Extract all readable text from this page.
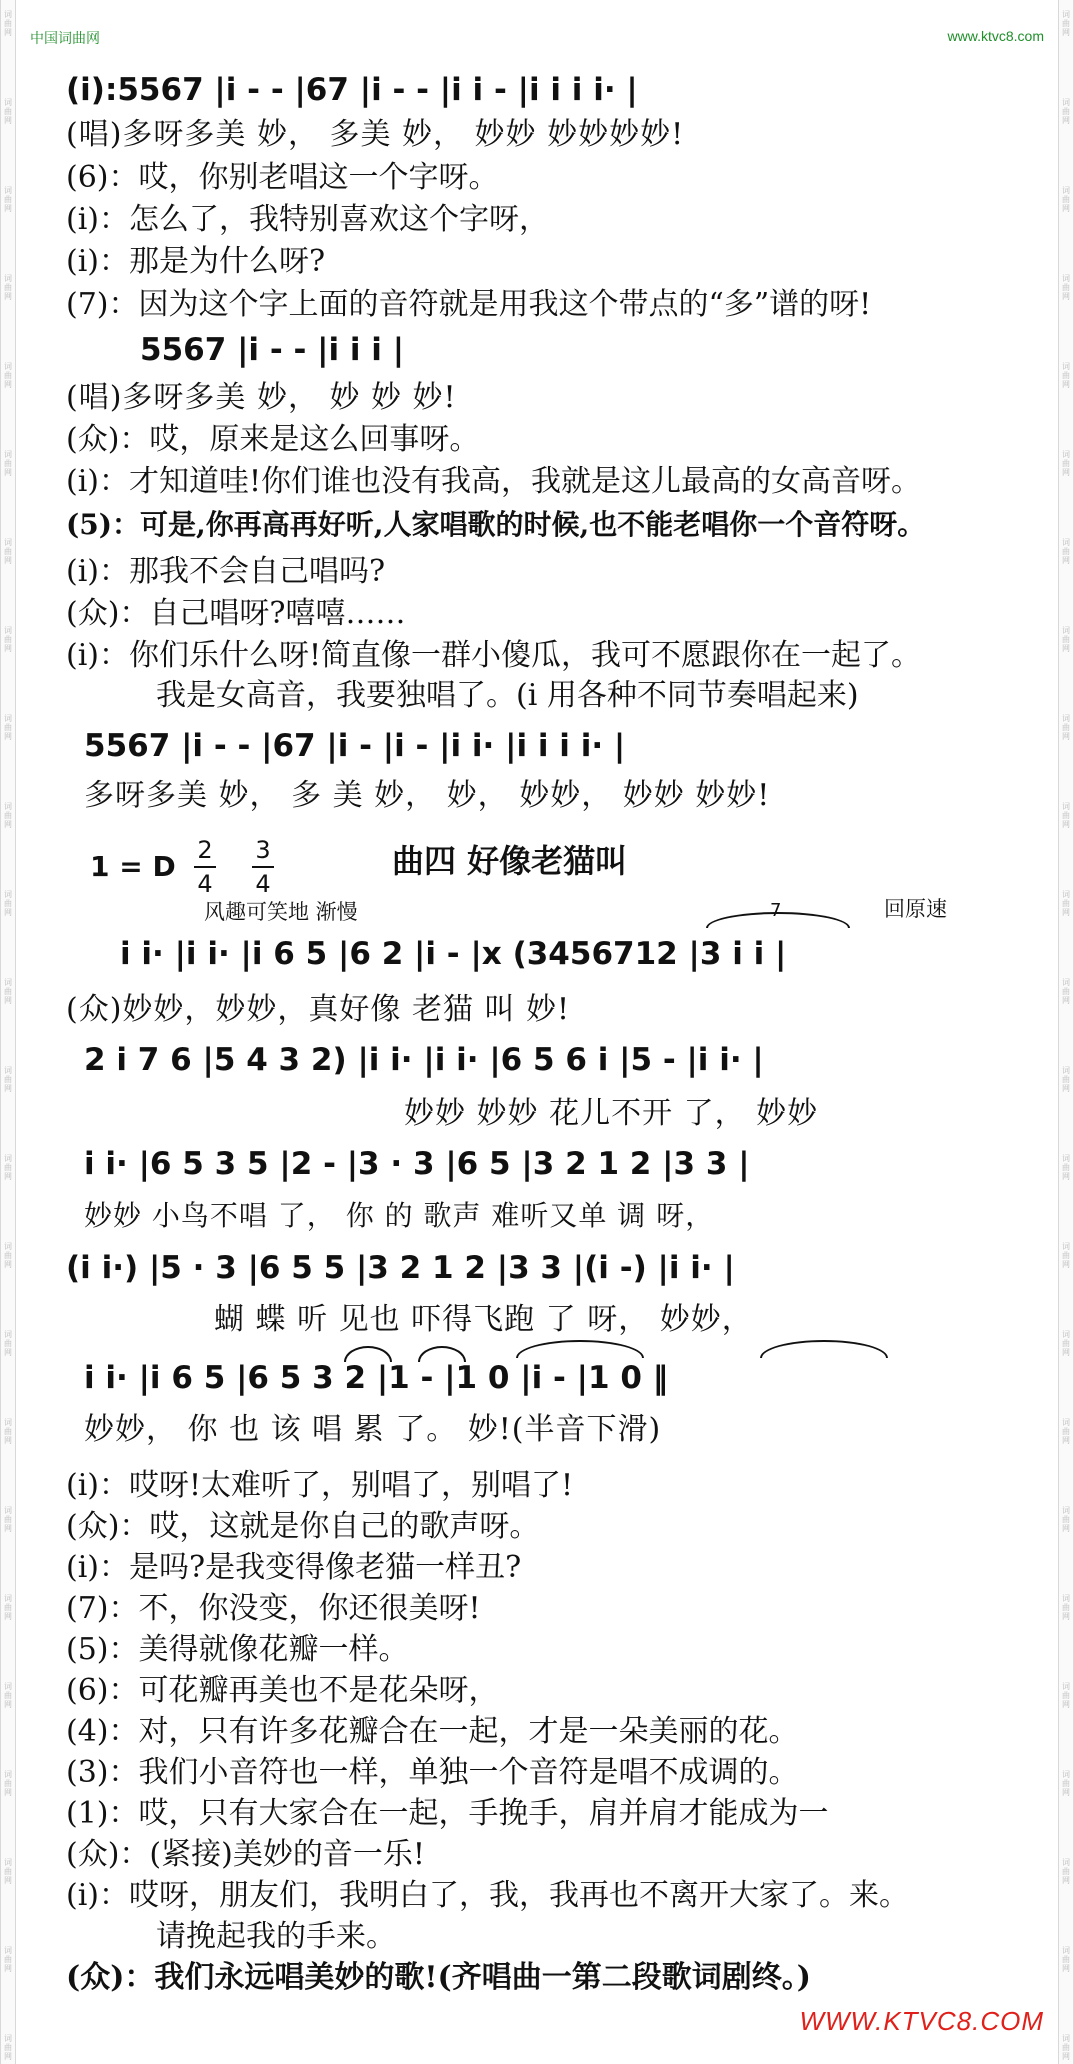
词 曲 网
词 曲 网
词 曲 网
词 曲 网
词 曲 网
词 曲 网
词 曲 网
词 曲 网
词 曲 网
词 曲 网
词 曲 网
词 曲 网
词 曲 网
词 曲 网
词 曲 网
词 曲 网
词 曲 网
词 曲 网
词 曲 网
词 曲 网
词 曲 网
词 曲 网
词 曲 网
词 曲 网
词 曲 网
词 曲 网
词 曲 网
词 曲 网
词 曲 网
词 曲 网
词 曲 网
词 曲 网
词 曲 网
词 曲 网
词 曲 网
词 曲 网
词 曲 网
词 曲 网
词 曲 网
词 曲 网
词 曲 网
词 曲 网
词 曲 网
词 曲 网
词 曲 网
词 曲 网
词 曲 网
词 曲 网
中国词曲网	www.ktvc8.com
(i):5567 |i - - |67 |i - - |i i - |i i i i· |
(唱)多呀多美 妙， 多美 妙， 妙妙 妙妙妙妙!
(6)：哎，你别老唱这一个字呀。
(i)：怎么了，我特别喜欢这个字呀，
(i)：那是为什么呀?
(7)：因为这个字上面的音符就是用我这个带点的“多”谱的呀!
5567 |i - - |i i i |
(唱)多呀多美 妙， 妙 妙 妙!
(众)：哎，原来是这么回事呀。
(i)：才知道哇!你们谁也没有我高，我就是这儿最高的女高音呀。
(5)：可是,你再高再好听,人家唱歌的时候,也不能老唱你一个音符呀。
(i)：那我不会自己唱吗?
(众)：自己唱呀?嘻嘻……
(i)：你们乐什么呀!简直像一群小傻瓜，我可不愿跟你在一起了。
我是女高音，我要独唱了。(i 用各种不同节奏唱起来)
5567 |i - - |67 |i - |i - |i i· |i i i i· |
多呀多美 妙， 多 美 妙， 妙， 妙妙， 妙妙 妙妙!
1 = D 2
4
3
4
曲四 好像老猫叫
风趣可笑地 渐慢	回原速
7
i i· |i i· |i 6 5 |6 2 |i - |x (3456712 |3 i i |
(众)妙妙，妙妙，真好像 老猫 叫 妙!
2 i 7 6 |5 4 3 2) |i i· |i i· |6 5 6 i |5 - |i i· |
妙妙 妙妙 花儿不开 了， 妙妙
i i· |6 5 3 5 |2 - |3 · 3 |6 5 |3 2 1 2 |3 3 |
妙妙 小鸟不唱 了， 你 的 歌声 难听又单 调 呀，
(i i·) |5 · 3 |6 5 5 |3 2 1 2 |3 3 |(i -) |i i· |
蝴 蝶 听 见也 吓得飞跑 了 呀， 妙妙，
i i· |i 6 5 |6 5 3 2 |1 - |1 0 |i - |1 0 ‖
妙妙， 你 也 该 唱 累 了。 妙!(半音下滑)
(i)：哎呀!太难听了，别唱了，别唱了!
(众)：哎，这就是你自己的歌声呀。
(i)：是吗?是我变得像老猫一样丑?
(7)：不，你没变，你还很美呀!
(5)：美得就像花瓣一样。
(6)：可花瓣再美也不是花朵呀，
(4)：对，只有许多花瓣合在一起，才是一朵美丽的花。
(3)：我们小音符也一样，单独一个音符是唱不成调的。
(1)：哎，只有大家合在一起，手挽手，肩并肩才能成为一
(众)：(紧接)美妙的音一乐!
(i)：哎呀，朋友们，我明白了，我，我再也不离开大家了。来。
请挽起我的手来。
(众)：我们永远唱美妙的歌!(齐唱曲一第二段歌词剧终。)
WWW.KTVC8.COM
